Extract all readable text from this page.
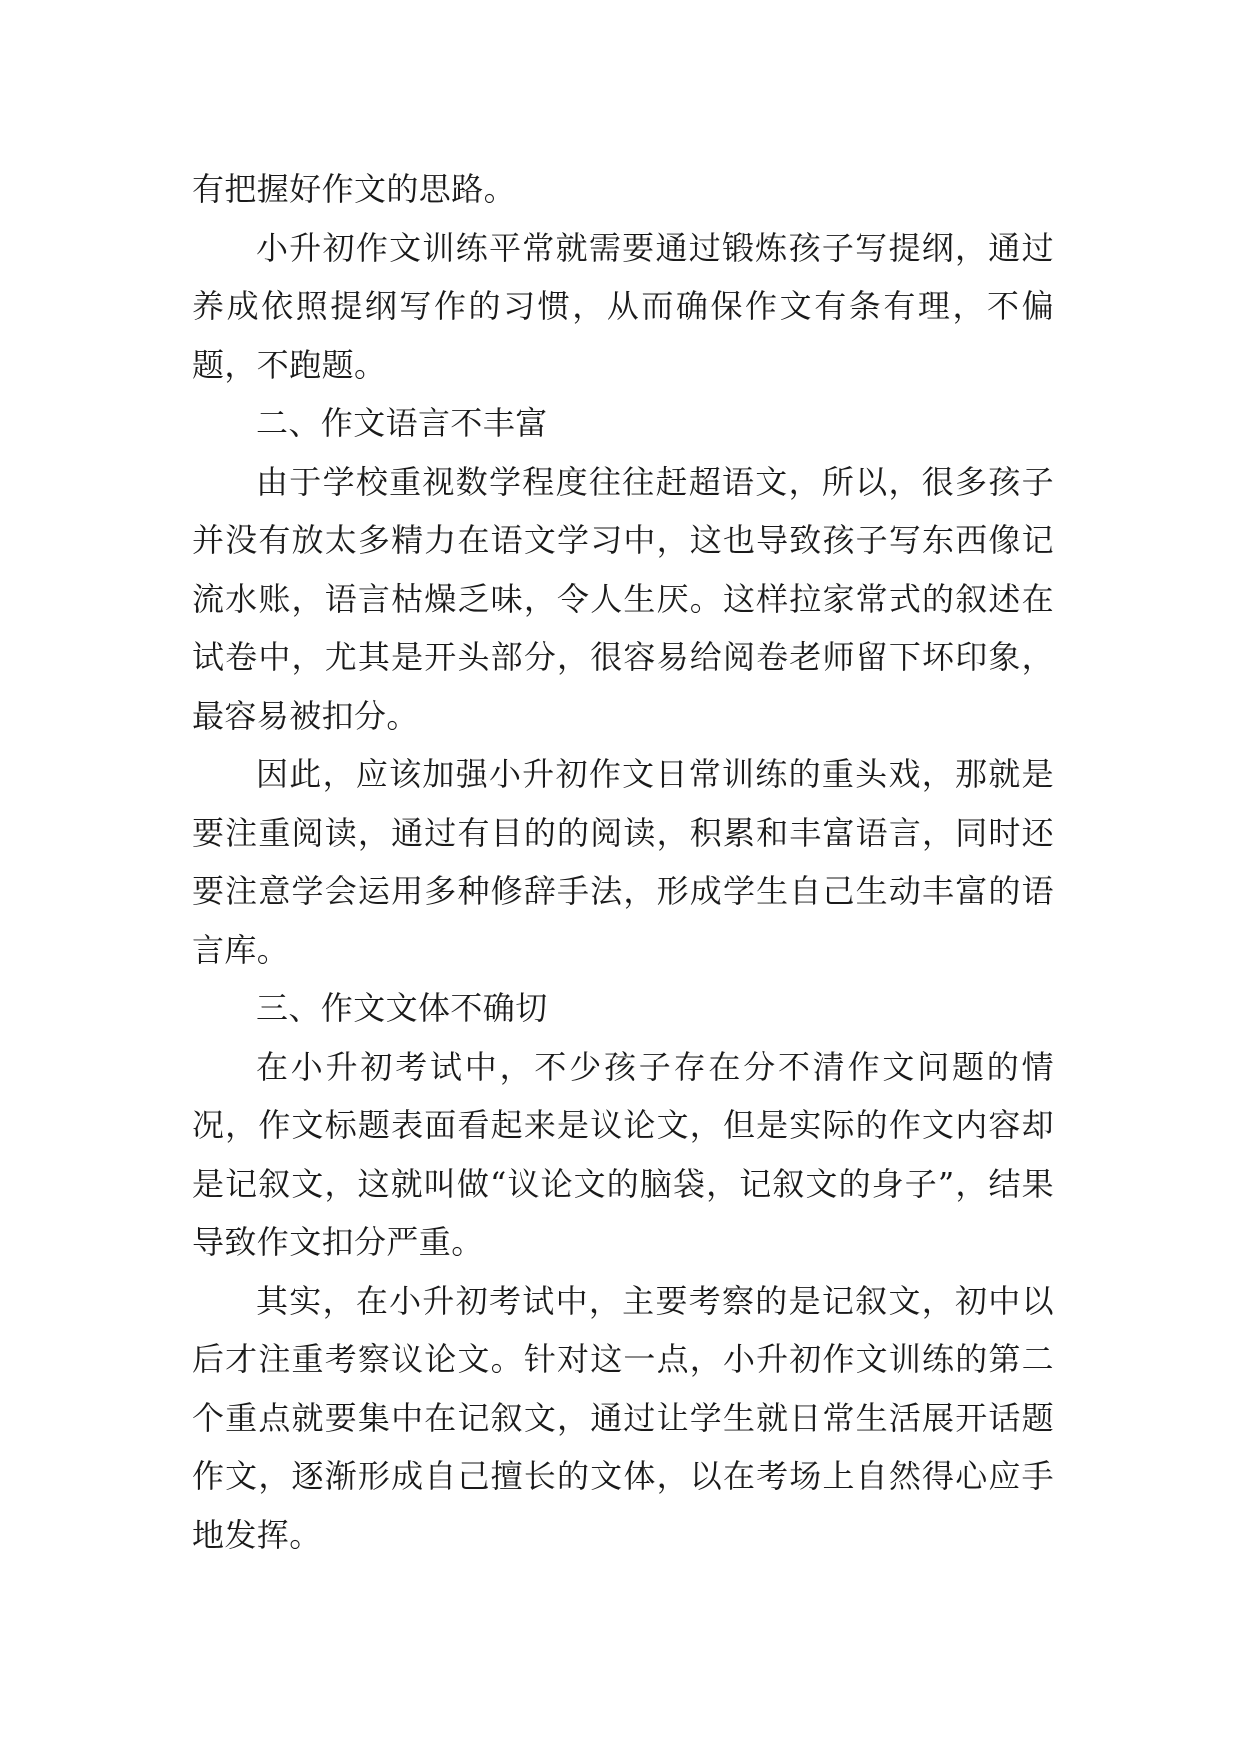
有把握好作文的思路。

小升初作文训练平常就需要通过锻炼孩子写提纲，通过养成依照提纲写作的习惯，从而确保作文有条有理，不偏题，不跑题。

二、作文语言不丰富

由于学校重视数学程度往往赶超语文，所以，很多孩子并没有放太多精力在语文学习中，这也导致孩子写东西像记流水账，语言枯燥乏味，令人生厌。这样拉家常式的叙述在试卷中，尤其是开头部分，很容易给阅卷老师留下坏印象，最容易被扣分。

因此，应该加强小升初作文日常训练的重头戏，那就是要注重阅读，通过有目的的阅读，积累和丰富语言，同时还要注意学会运用多种修辞手法，形成学生自己生动丰富的语言库。

三、作文文体不确切

在小升初考试中，不少孩子存在分不清作文问题的情况，作文标题表面看起来是议论文，但是实际的作文内容却是记叙文，这就叫做“议论文的脑袋，记叙文的身子”，结果导致作文扣分严重。

其实，在小升初考试中，主要考察的是记叙文，初中以后才注重考察议论文。针对这一点，小升初作文训练的第二个重点就要集中在记叙文，通过让学生就日常生活展开话题作文，逐渐形成自己擅长的文体，以在考场上自然得心应手地发挥。
